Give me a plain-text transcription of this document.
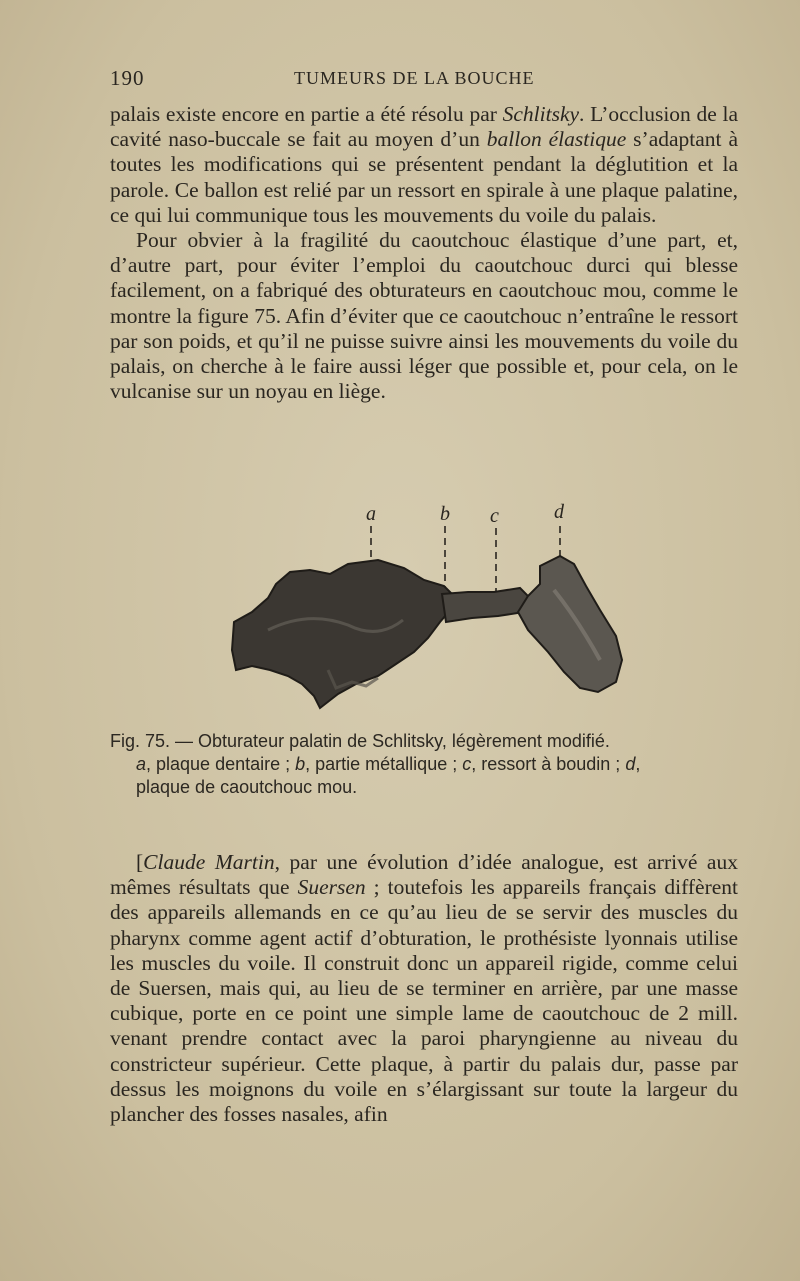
190	TUMEURS DE LA BOUCHE

palais existe encore en partie a été résolu par Schlitsky. L’occlusion de la cavité naso-buccale se fait au moyen d’un ballon élastique s’adaptant à toutes les modifications qui se présentent pendant la déglutition et la parole. Ce ballon est relié par un ressort en spirale à une plaque palatine, ce qui lui communique tous les mouvements du voile du palais.

Pour obvier à la fragilité du caoutchouc élastique d’une part, et, d’autre part, pour éviter l’emploi du caoutchouc durci qui blesse facilement, on a fabriqué des obturateurs en caoutchouc mou, comme le montre la figure 75. Afin d’éviter que ce caoutchouc n’entraîne le ressort par son poids, et qu’il ne puisse suivre ainsi les mouvements du voile du palais, on cherche à le faire aussi léger que possible et, pour cela, on le vulcanise sur un noyau en liège.

a	b c	d
Fig. 75. — Obturateur palatin de Schlitsky, légèrement modifié.
a, plaque dentaire ; b, partie métallique ; c, ressort à boudin ; d,
plaque de caoutchouc mou.

[Claude Martin, par une évolution d’idée analogue, est arrivé aux mêmes résultats que Suersen ; toutefois les appareils français diffèrent des appareils allemands en ce qu’au lieu de se servir des muscles du pharynx comme agent actif d’obturation, le prothésiste lyonnais utilise les muscles du voile. Il construit donc un appareil rigide, comme celui de Suersen, mais qui, au lieu de se terminer en arrière, par une masse cubique, porte en ce point une simple lame de caoutchouc de 2 mill. venant prendre contact avec la paroi pharyngienne au niveau du constricteur supérieur. Cette plaque, à partir du palais dur, passe par dessus les moignons du voile en s’élargissant sur toute la largeur du plancher des fosses nasales, afin
